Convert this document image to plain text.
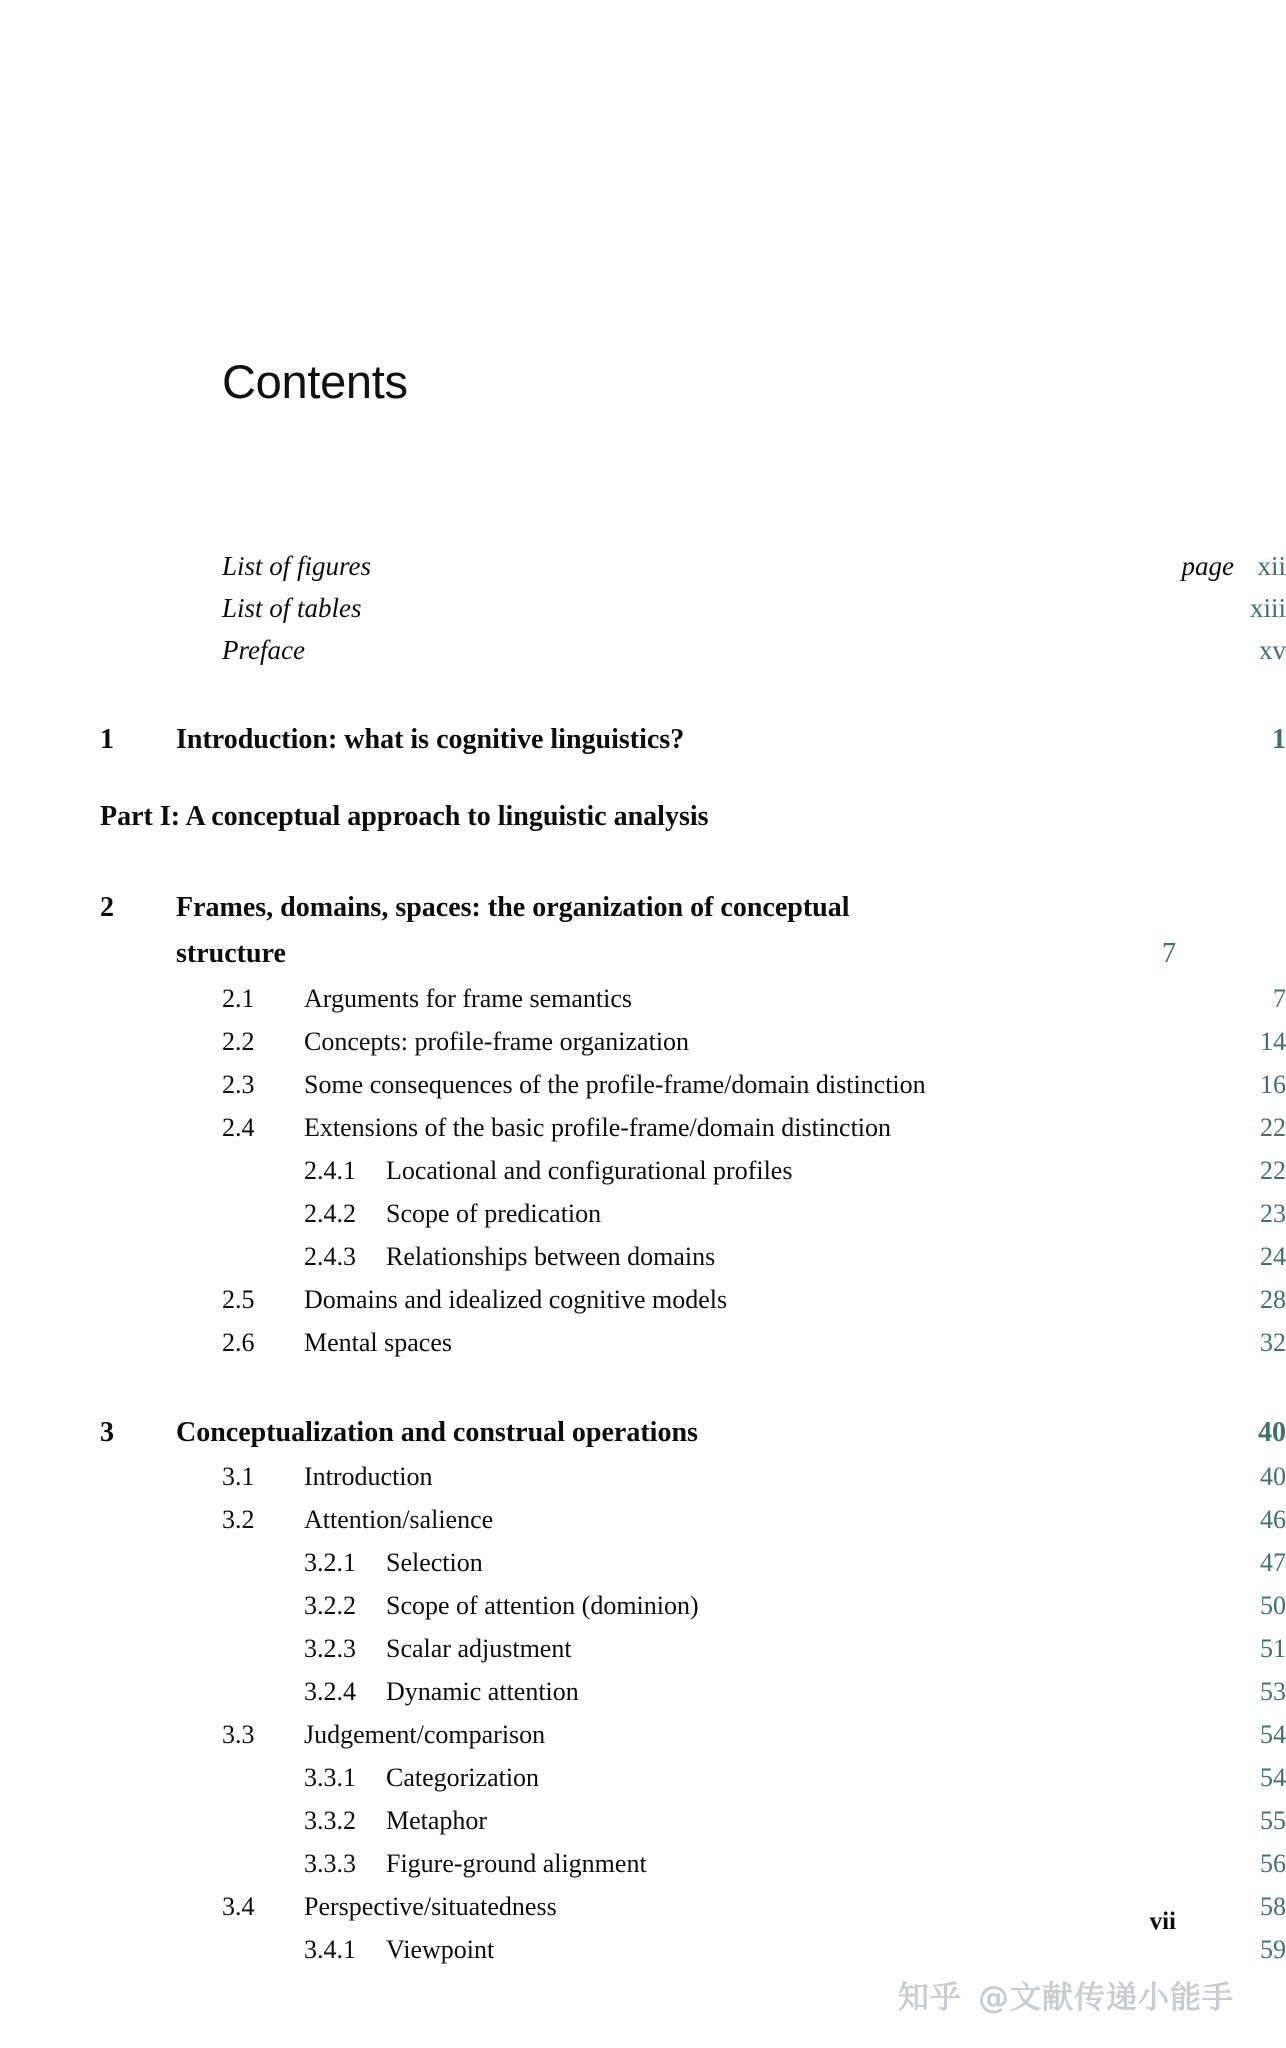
Contents
List of figures	page xii
List of tables	xiii
Preface	xv
1	Introduction: what is cognitive linguistics?	1
Part I: A conceptual approach to linguistic analysis
2 Frames, domains, spaces: the organization of conceptual
structure	7
2.1	Arguments for frame semantics	7
2.2	Concepts: profile-frame organization	14
2.3	Some consequences of the profile-frame/domain distinction	16
2.4	Extensions of the basic profile-frame/domain distinction	22
2.4.1	Locational and configurational profiles	22
2.4.2	Scope of predication	23
2.4.3	Relationships between domains	24
2.5	Domains and idealized cognitive models	28
2.6	Mental spaces	32
3	Conceptualization and construal operations	40
3.1	Introduction	40
3.2	Attention/salience	46
3.2.1	Selection	47
3.2.2	Scope of attention (dominion)	50
3.2.3	Scalar adjustment	51
3.2.4	Dynamic attention	53
3.3	Judgement/comparison	54
3.3.1	Categorization	54
3.3.2	Metaphor	55
3.3.3	Figure-ground alignment	56
3.4	Perspective/situatedness	58
3.4.1	Viewpoint	59
vii
知乎 @文献传递小能手
